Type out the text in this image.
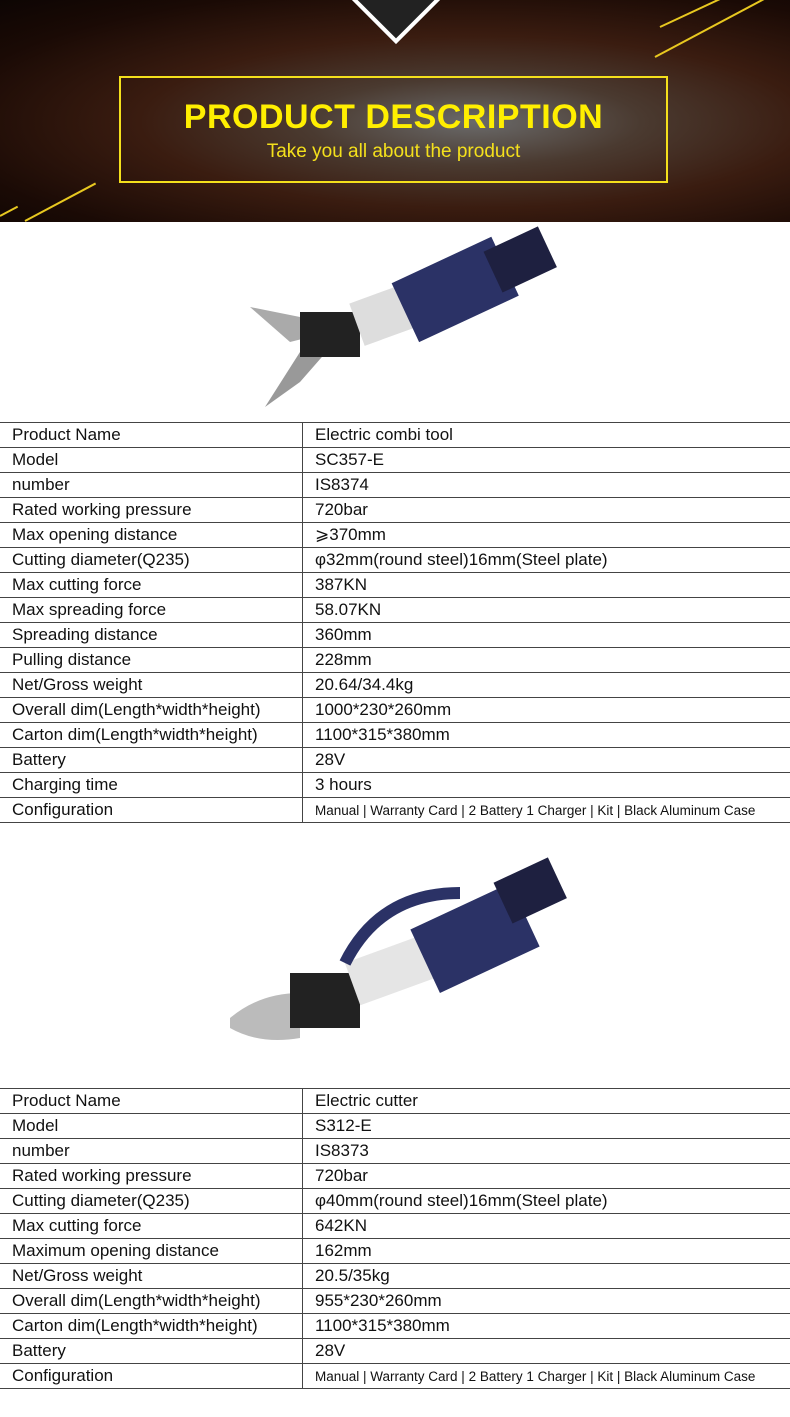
PRODUCT DESCRIPTION
Take you all about the product
Product Name	Electric combi tool
Model	SC357-E
number	IS8374
Rated working pressure	720bar
Max opening distance	⩾370mm
Cutting diameter(Q235)	φ32mm(round steel)16mm(Steel plate)
Max cutting force	387KN
Max spreading force	58.07KN
Spreading distance	360mm
Pulling distance	228mm
Net/Gross weight	20.64/34.4kg
Overall dim(Length*width*height)	1000*230*260mm
Carton dim(Length*width*height)	1100*315*380mm
Battery	28V
Charging time	3 hours
Configuration	Manual | Warranty Card | 2 Battery 1 Charger | Kit | Black Aluminum Case
Product Name	Electric cutter
Model	S312-E
number	IS8373
Rated working pressure	720bar
Cutting diameter(Q235)	φ40mm(round steel)16mm(Steel plate)
Max cutting force	642KN
Maximum opening distance	162mm
Net/Gross weight	20.5/35kg
Overall dim(Length*width*height)	955*230*260mm
Carton dim(Length*width*height)	1100*315*380mm
Battery	28V
Configuration	Manual | Warranty Card | 2 Battery 1 Charger | Kit | Black Aluminum Case
